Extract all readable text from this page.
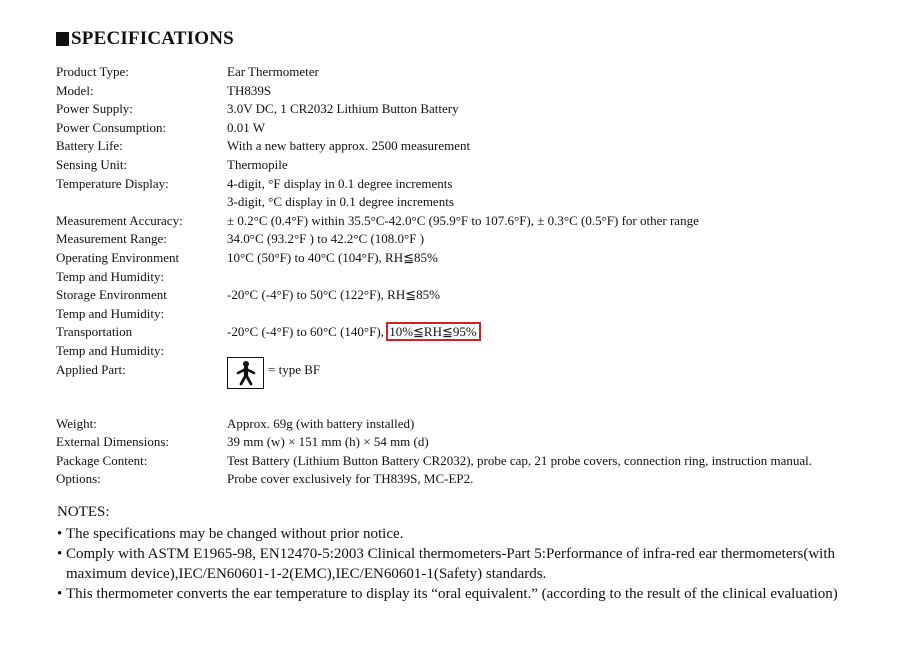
SPECIFICATIONS
Product Type:	Ear Thermometer
Model:	TH839S
Power Supply:	3.0V DC, 1 CR2032 Lithium Button Battery
Power Consumption:	0.01 W
Battery Life:	With a new battery approx. 2500 measurement
Sensing Unit:	Thermopile
Temperature Display:	4-digit, °F display in 0.1 degree increments
3-digit, °C display in 0.1 degree increments
Measurement Accuracy:	± 0.2°C (0.4°F) within 35.5°C-42.0°C (95.9°F to 107.6°F), ± 0.3°C (0.5°F) for other range
Measurement Range:	34.0°C (93.2°F ) to 42.2°C (108.0°F )
Operating Environment	10°C (50°F) to 40°C (104°F), RH≦85%
Temp and Humidity:
Storage Environment	-20°C (-4°F) to 50°C (122°F), RH≦85%
Temp and Humidity:
Transportation	-20°C (-4°F) to 60°C (140°F), 10%≦RH≦95%
Temp and Humidity:
Applied Part:	= type BF
Weight:	Approx. 69g (with battery installed)
External Dimensions:	39 mm (w) × 151 mm (h) × 54 mm (d)
Package Content:	Test Battery (Lithium Button Battery CR2032), probe cap, 21 probe covers, connection ring, instruction manual.
Options:	Probe cover exclusively for TH839S, MC-EP2.
NOTES:
• The specifications may be changed without prior notice.
• Comply with ASTM E1965-98, EN12470-5:2003 Clinical thermometers-Part 5:Performance of infra-red ear thermometers(with maximum device),IEC/EN60601-1-2(EMC),IEC/EN60601-1(Safety) standards.
• This thermometer converts the ear temperature to display its “oral equivalent.” (according to the result of the clinical evaluation)
